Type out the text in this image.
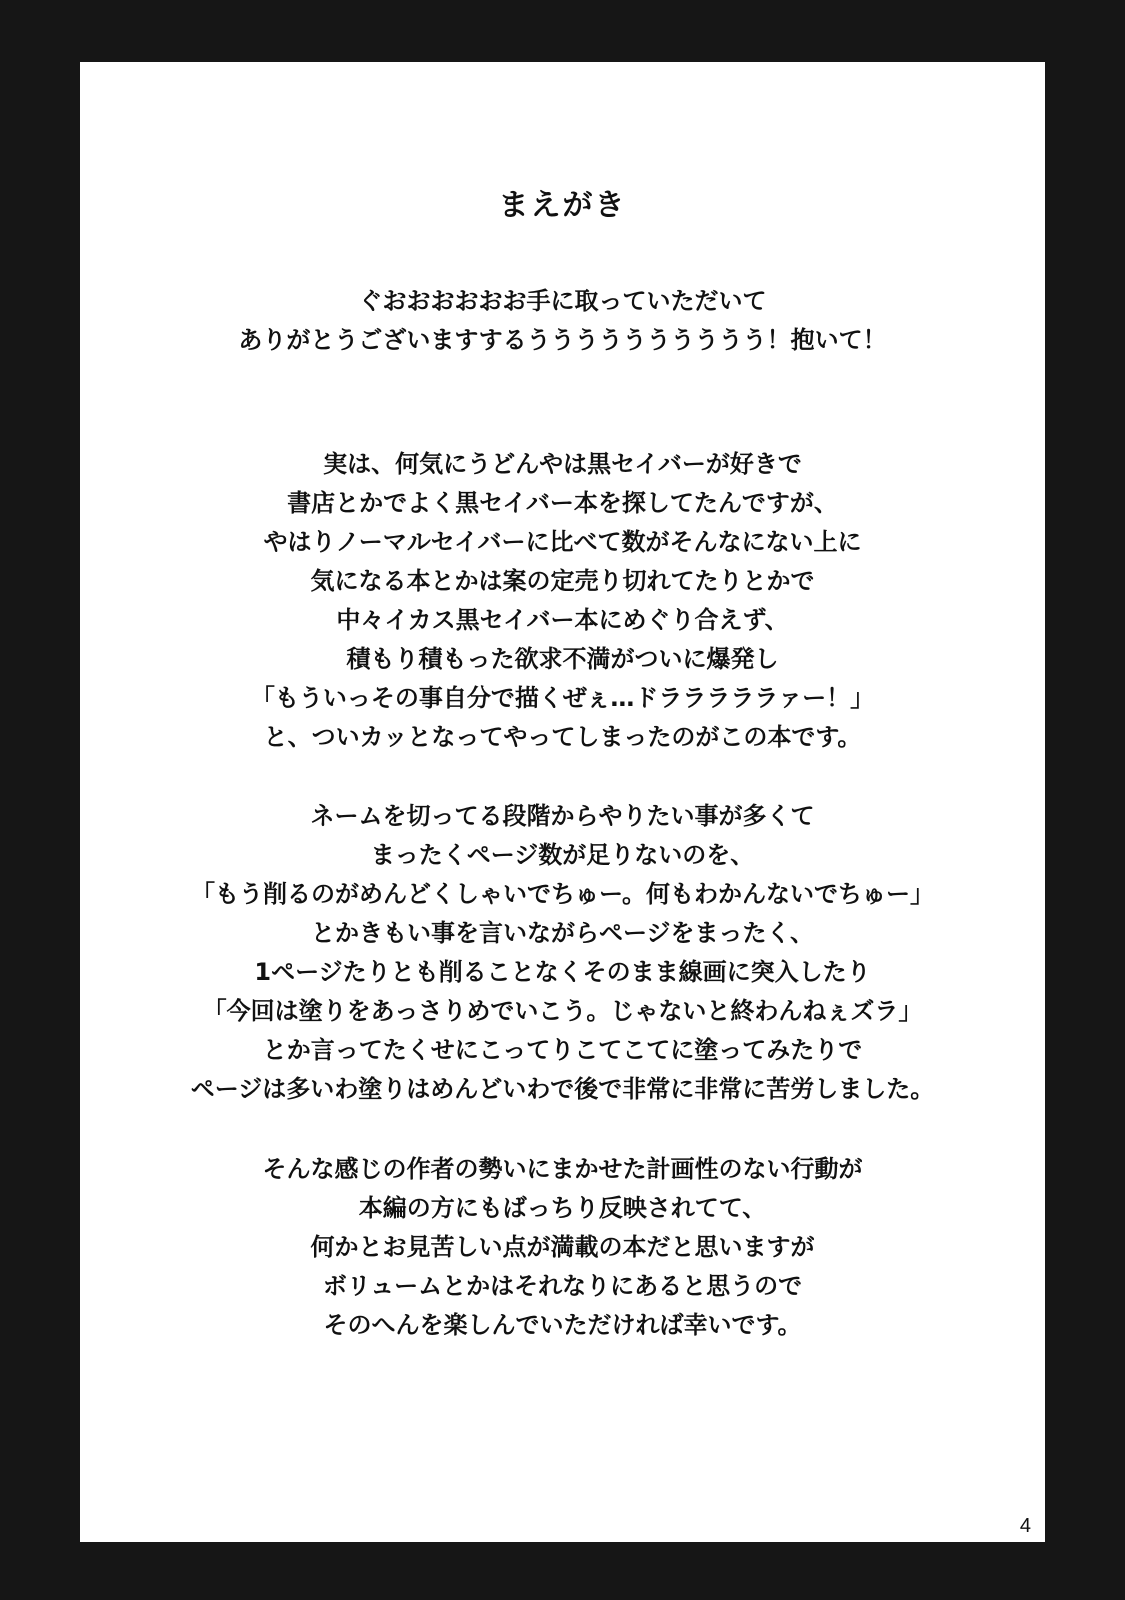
まえがき
ぐおおおおおお手に取っていただいて
ありがとうございますするうううううううううう！抱いて！
実は、何気にうどんやは黒セイバーが好きで
書店とかでよく黒セイバー本を探してたんですが、
やはりノーマルセイバーに比べて数がそんなにない上に
気になる本とかは案の定売り切れてたりとかで
中々イカス黒セイバー本にめぐり合えず、
積もり積もった欲求不満がついに爆発し
「もういっその事自分で描くぜぇ…ドラララララァー！」
と、ついカッとなってやってしまったのがこの本です。
ネームを切ってる段階からやりたい事が多くて
まったくページ数が足りないのを、
「もう削るのがめんどくしゃいでちゅー。何もわかんないでちゅー」
とかきもい事を言いながらページをまったく、
1ページたりとも削ることなくそのまま線画に突入したり
「今回は塗りをあっさりめでいこう。じゃないと終わんねぇズラ」
とか言ってたくせにこってりこてこてに塗ってみたりで
ページは多いわ塗りはめんどいわで後で非常に非常に苦労しました。
そんな感じの作者の勢いにまかせた計画性のない行動が
本編の方にもばっちり反映されてて、
何かとお見苦しい点が満載の本だと思いますが
ボリュームとかはそれなりにあると思うので
そのへんを楽しんでいただければ幸いです。
4
